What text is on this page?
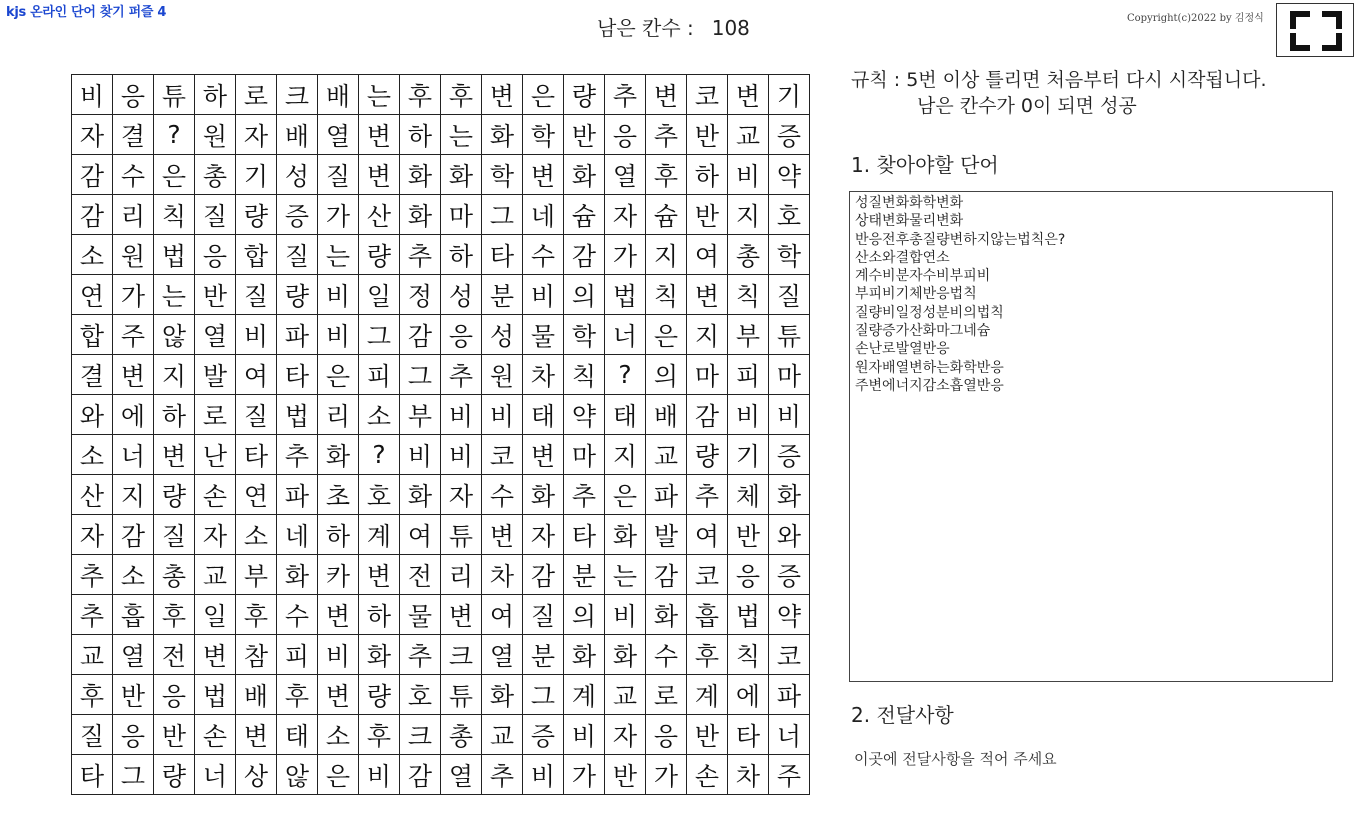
kjs 온라인 단어 찾기 퍼즐 4
남은 칸수 : 108	Copyright(c)2022 by 김정식
비	응	튜	하	로	크	배	는	후	후	변	은	량	추	변	코	변	기
자	결	?	원	자	배	열	변	하	는	화	학	반	응	추	반	교	증
감	수	은	총	기	성	질	변	화	화	학	변	화	열	후	하	비	약
감	리	칙	질	량	증	가	산	화	마	그	네	슘	자	슘	반	지	호
소	원	법	응	합	질	는	량	추	하	타	수	감	가	지	여	총	학
연	가	는	반	질	량	비	일	정	성	분	비	의	법	칙	변	칙	질
합	주	않	열	비	파	비	그	감	응	성	물	학	너	은	지	부	튜
결	변	지	발	여	타	은	피	그	추	원	차	칙	?	의	마	피	마
와	에	하	로	질	법	리	소	부	비	비	태	약	태	배	감	비	비
소	너	변	난	타	추	화	?	비	비	코	변	마	지	교	량	기	증
산	지	량	손	연	파	초	호	화	자	수	화	추	은	파	추	체	화
자	감	질	자	소	네	하	계	여	튜	변	자	타	화	발	여	반	와
추	소	총	교	부	화	카	변	전	리	차	감	분	는	감	코	응	증
추	흡	후	일	후	수	변	하	물	변	여	질	의	비	화	흡	법	약
교	열	전	변	참	피	비	화	추	크	열	분	화	화	수	후	칙	코
후	반	응	법	배	후	변	량	호	튜	화	그	계	교	로	계	에	파
질	응	반	손	변	태	소	후	크	총	교	증	비	자	응	반	타	너
타	그	량	너	상	않	은	비	감	열	추	비	가	반	가	손	차	주
규칙 : 5번 이상 틀리면 처음부터 다시 시작됩니다.
남은 칸수가 0이 되면 성공
1. 찾아야할 단어
성질변화화학변화
상태변화물리변화
반응전후총질량변하지않는법칙은?
산소와결합연소
계수비분자수비부피비
부피비기체반응법칙
질량비일정성분비의법칙
질량증가산화마그네슘
손난로발열반응
원자배열변하는화학반응
주변에너지감소흡열반응
2. 전달사항
이곳에 전달사항을 적어 주세요
